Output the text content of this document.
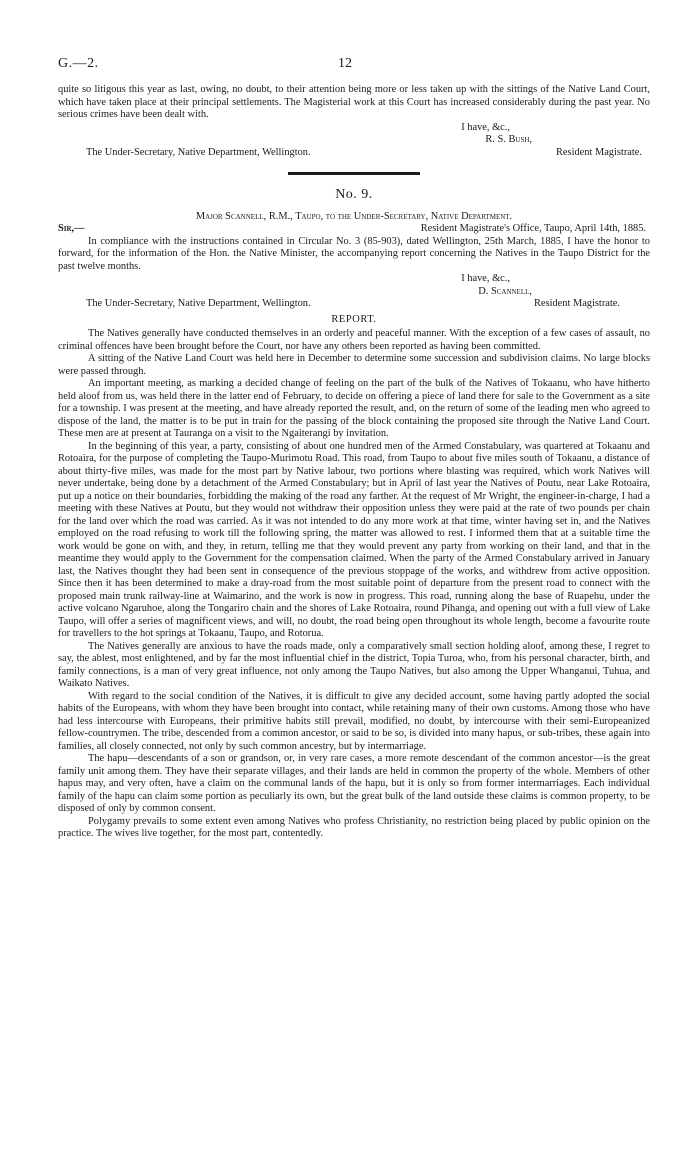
G.—2.	12

quite so litigous this year as last, owing, no doubt, to their attention being more or less taken up with the sittings of the Native Land Court, which have taken place at their principal settlements. The Magisterial work at this Court has increased considerably during the past year. No serious crimes have been dealt with.

I have, &c.,
R. S. Bush,
The Under-Secretary, Native Department, Wellington.	Resident Magistrate.
No. 9.
Major Scannell, R.M., Taupo, to the Under-Secretary, Native Department.
Sir,—	Resident Magistrate's Office, Taupo, April 14th, 1885.

In compliance with the instructions contained in Circular No. 3 (85-903), dated Wellington, 25th March, 1885, I have the honor to forward, for the information of the Hon. the Native Minister, the accompanying report concerning the Natives in the Taupo District for the past twelve months.

I have, &c.,
D. Scannell,
The Under-Secretary, Native Department, Wellington.	Resident Magistrate.
REPORT.

The Natives generally have conducted themselves in an orderly and peaceful manner. With the exception of a few cases of assault, no criminal offences have been brought before the Court, nor have any others been reported as having been committed.

A sitting of the Native Land Court was held here in December to determine some succession and subdivision claims. No large blocks were passed through.

An important meeting, as marking a decided change of feeling on the part of the bulk of the Natives of Tokaanu, who have hitherto held aloof from us, was held there in the latter end of February, to decide on offering a piece of land there for sale to the Government as a site for a township. I was present at the meeting, and have already reported the result, and, on the return of some of the leading men who agreed to dispose of the land, the matter is to be put in train for the passing of the block containing the proposed site through the Native Land Court. These men are at present at Tauranga on a visit to the Ngaiterangi by invitation.

In the beginning of this year, a party, consisting of about one hundred men of the Armed Constabulary, was quartered at Tokaanu and Rotoaira, for the purpose of completing the Taupo-Murimotu Road. This road, from Taupo to about five miles south of Tokaanu, a distance of about thirty-five miles, was made for the most part by Native labour, two portions where blasting was required, which work Natives will never undertake, being done by a detachment of the Armed Constabulary; but in April of last year the Natives of Poutu, near Lake Rotoaira, put up a notice on their boundaries, forbidding the making of the road any farther. At the request of Mr Wright, the engineer-in-charge, I had a meeting with these Natives at Poutu, but they would not withdraw their opposition unless they were paid at the rate of two pounds per chain for the land over which the road was carried. As it was not intended to do any more work at that time, winter having set in, and the Natives employed on the road refusing to work till the following spring, the matter was allowed to rest. I informed them that at a suitable time the work would be gone on with, and they, in return, telling me that they would prevent any party from working on their land, and that in the meantime they would apply to the Government for the compensation claimed. When the party of the Armed Constabulary arrived in January last, the Natives thought they had been sent in consequence of the previous stoppage of the works, and withdrew from active opposition. Since then it has been determined to make a dray-road from the most suitable point of departure from the present road to connect with the proposed main trunk railway-line at Waimarino, and the work is now in progress. This road, running along the base of Ruapehu, under the active volcano Ngaruhoe, along the Tongariro chain and the shores of Lake Rotoaira, round Pihanga, and opening out with a full view of Lake Taupo, will offer a series of magnificent views, and will, no doubt, the road being open throughout its whole length, become a favourite route for travellers to the hot springs at Tokaanu, Taupo, and Rotorua.

The Natives generally are anxious to have the roads made, only a comparatively small section holding aloof, among these, I regret to say, the ablest, most enlightened, and by far the most influential chief in the district, Topia Turoa, who, from his personal character, birth, and family connections, is a man of very great influence, not only among the Taupo Natives, but also among the Upper Whanganui, Tuhua, and Waikato Natives.

With regard to the social condition of the Natives, it is difficult to give any decided account, some having partly adopted the social habits of the Europeans, with whom they have been brought into contact, while retaining many of their own customs. Among those who have had less intercourse with Europeans, their primitive habits still prevail, modified, no doubt, by intercourse with their semi-Europeanized fellow-countrymen. The tribe, descended from a common ancestor, or said to be so, is divided into many hapus, or sub-tribes, these again into families, all closely connected, not only by such common ancestry, but by intermarriage.

The hapu—descendants of a son or grandson, or, in very rare cases, a more remote descendant of the common ancestor—is the great family unit among them. They have their separate villages, and their lands are held in common the property of the whole. Members of other hapus may, and very often, have a claim on the communal lands of the hapu, but it is only so from former intermarriages. Each individual family of the hapu can claim some portion as peculiarly its own, but the great bulk of the land outside these claims is common property, to be disposed of only by common consent.

Polygamy prevails to some extent even among Natives who profess Christianity, no restriction being placed by public opinion on the practice. The wives live together, for the most part, contentedly.
